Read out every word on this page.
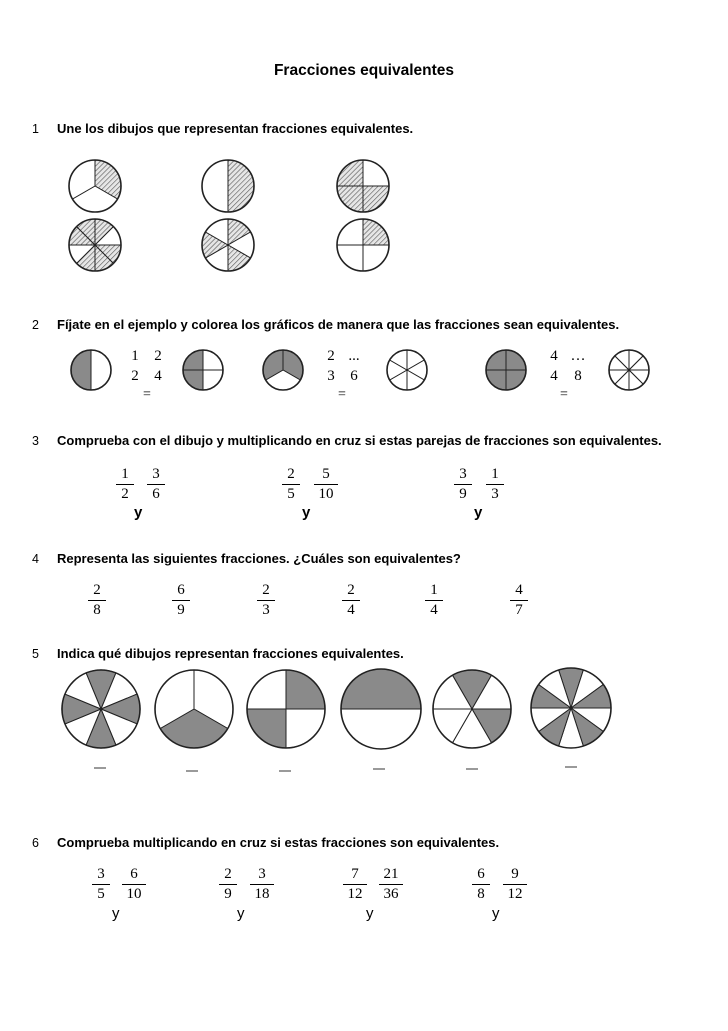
Fracciones equivalentes
1 Une los dibujos que representan fracciones equivalentes.
2 Fíjate en el ejemplo y colorea los gráficos de manera que las fracciones sean equivalentes.
1
2
2
4
=
2
3
...
6
=
4
4
…
8
=
3 Comprueba con el dibujo y multiplicando en cruz si estas parejas de fracciones son equivalentes.
1
2
3
6
y
2
5
5
10
y
3
9
1
3
y
4 Representa las siguientes fracciones. ¿Cuáles son equivalentes?
2
8
6
9
2
3
2
4
1
4
4
7
5 Indica qué dibujos representan fracciones equivalentes.
6 Comprueba multiplicando en cruz si estas fracciones son equivalentes.
3
5
6
10
y
2
9
3
18
y
7
12
21
36
y
6
8
9
12
y
